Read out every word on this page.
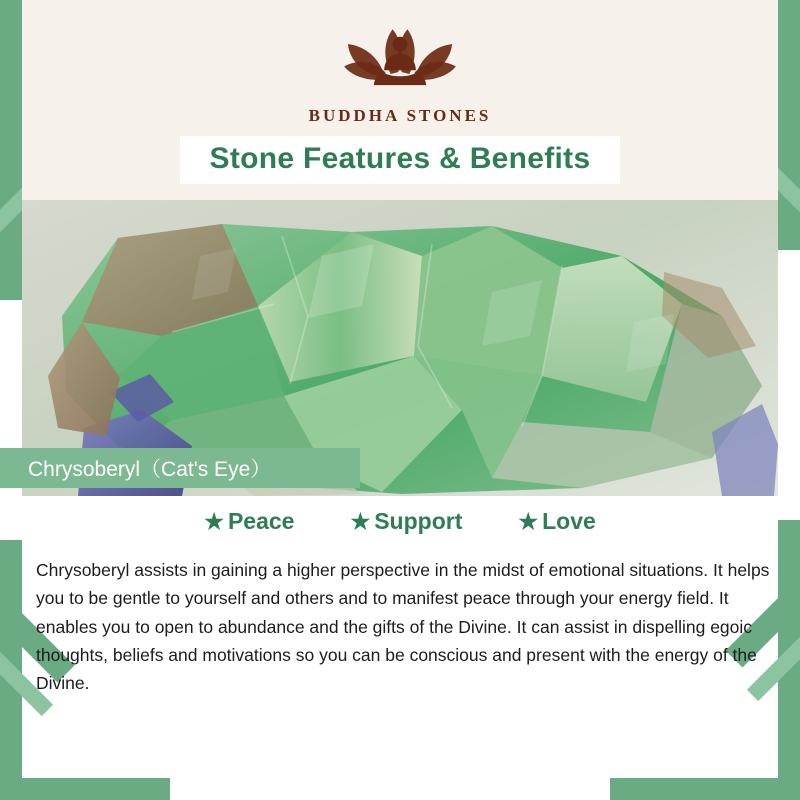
BUDDHA STONES
Stone Features & Benefits
Chrysoberyl（Cat's Eye）
★ Peace	★ Support	★ Love

Chrysoberyl assists in gaining a higher perspective in the midst of emotional situations. It helps you to be gentle to yourself and others and to manifest peace through your energy field. It enables you to open to abundance and the gifts of the Divine. It can assist in dispelling egoic thoughts, beliefs and motivations so you can be conscious and present with the energy of the Divine.
